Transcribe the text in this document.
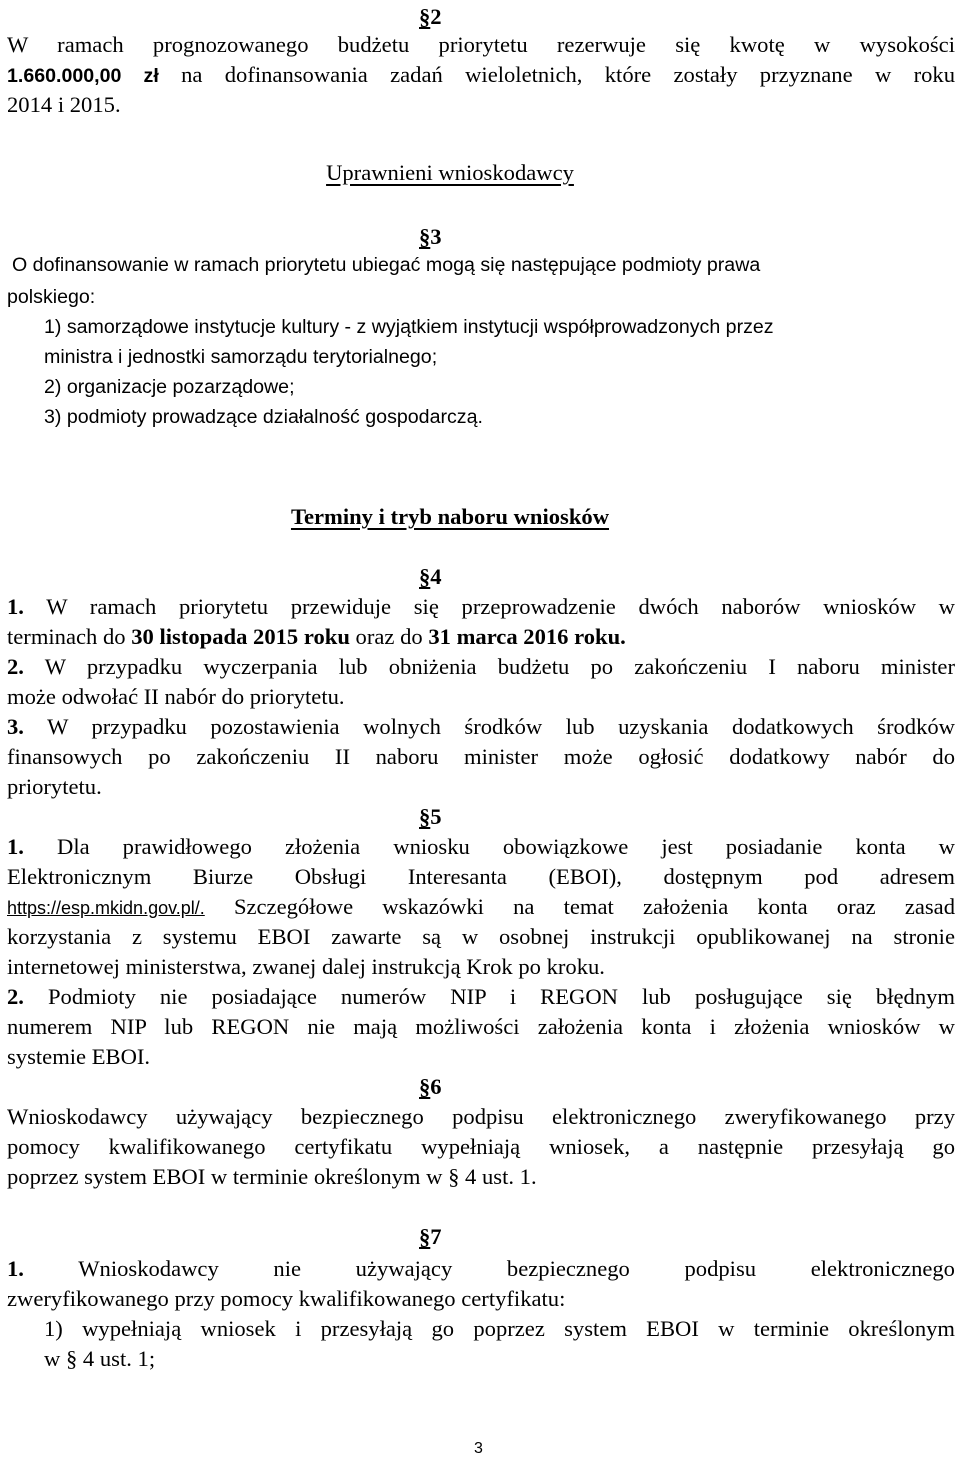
§2
W ramach prognozowanego budżetu priorytetu rezerwuje się kwotę w wysokości
1.660.000,00 zł na dofinansowania zadań wieloletnich, które zostały przyznane w roku
2014 i 2015.
Uprawnieni wnioskodawcy
§3
O dofinansowanie w ramach priorytetu ubiegać mogą się następujące podmioty prawa
polskiego:
1) samorządowe instytucje kultury - z wyjątkiem instytucji współprowadzonych przez
ministra i jednostki samorządu terytorialnego;
2) organizacje pozarządowe;
3) podmioty prowadzące działalność gospodarczą.
Terminy i tryb naboru wniosków
§4
1. W ramach priorytetu przewiduje się przeprowadzenie dwóch naborów wniosków w
terminach do 30 listopada 2015 roku oraz do 31 marca 2016 roku.
2. W przypadku wyczerpania lub obniżenia budżetu po zakończeniu I naboru minister
może odwołać II nabór do priorytetu.
3. W przypadku pozostawienia wolnych środków lub uzyskania dodatkowych środków
finansowych po zakończeniu II naboru minister może ogłosić dodatkowy nabór do
priorytetu.
§5
1. Dla prawidłowego złożenia wniosku obowiązkowe jest posiadanie konta w
Elektronicznym Biurze Obsługi Interesanta (EBOI), dostępnym pod adresem
https://esp.mkidn.gov.pl/. Szczegółowe wskazówki na temat założenia konta oraz zasad
korzystania z systemu EBOI zawarte są w osobnej instrukcji opublikowanej na stronie
internetowej ministerstwa, zwanej dalej instrukcją Krok po kroku.
2. Podmioty nie posiadające numerów NIP i REGON lub posługujące się błędnym
numerem NIP lub REGON nie mają możliwości założenia konta i złożenia wniosków w
systemie EBOI.
§6
Wnioskodawcy używający bezpiecznego podpisu elektronicznego zweryfikowanego przy
pomocy kwalifikowanego certyfikatu wypełniają wniosek, a następnie przesyłają go
poprzez system EBOI w terminie określonym w § 4 ust. 1.
§7
1. Wnioskodawcy nie używający bezpiecznego podpisu elektronicznego
zweryfikowanego przy pomocy kwalifikowanego certyfikatu:
1) wypełniają wniosek i przesyłają go poprzez system EBOI w terminie określonym
w § 4 ust. 1;
3
